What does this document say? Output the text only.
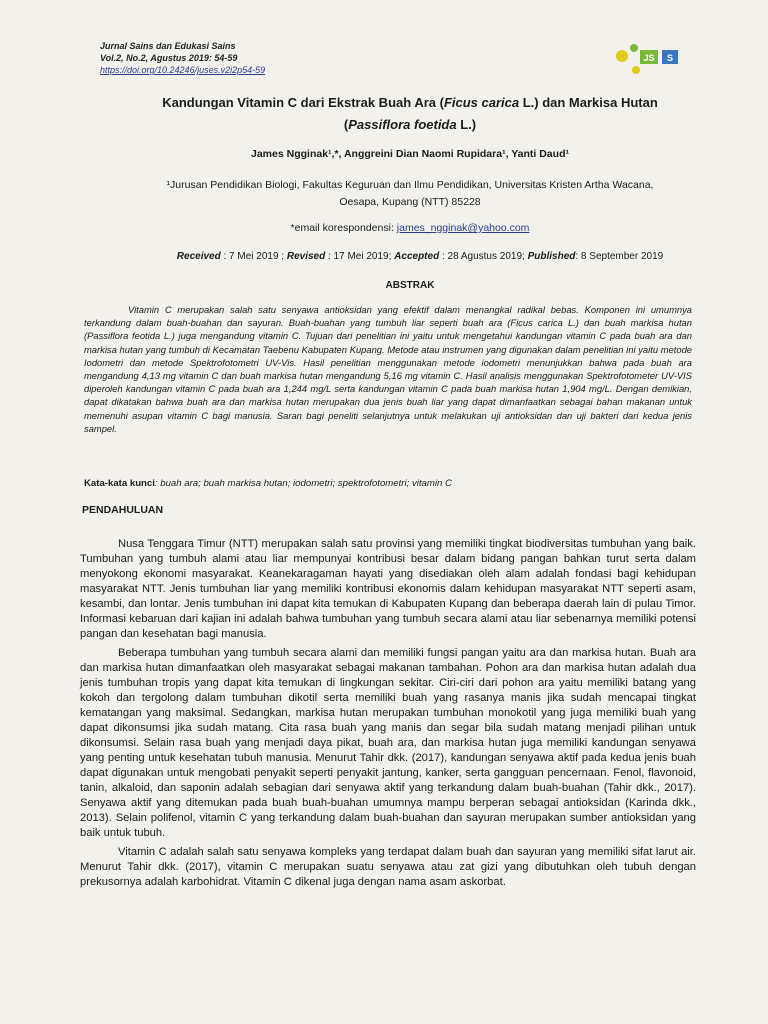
Jurnal Sains dan Edukasi Sains
Vol.2, No.2, Agustus 2019: 54-59
https://doi.org/10.24246/juses.v2i2p54-59
JS S
Kandungan Vitamin C dari Ekstrak Buah Ara (Ficus carica L.) dan Markisa Hutan
(Passiflora foetida L.)
James Ngginak¹,*, Anggreini Dian Naomi Rupidara¹, Yanti Daud¹
¹Jurusan Pendidikan Biologi, Fakultas Keguruan dan Ilmu Pendidikan, Universitas Kristen Artha Wacana,
Oesapa, Kupang (NTT) 85228
*email korespondensi: james_ngginak@yahoo.com
Received : 7 Mei 2019 ; Revised : 17 Mei 2019; Accepted : 28 Agustus 2019; Published: 8 September 2019
ABSTRAK
Vitamin C merupakan salah satu senyawa antioksidan yang efektif dalam menangkal radikal bebas. Komponen ini umumnya terkandung dalam buah-buahan dan sayuran. Buah-buahan yang tumbuh liar seperti buah ara (Ficus carica L.) dan buah markisa hutan (Passiflora feotida L.) juga mengandung vitamin C. Tujuan dari penelitian ini yaitu untuk mengetahui kandungan vitamin C pada buah ara dan markisa hutan yang tumbuh di Kecamatan Taebenu Kabupaten Kupang. Metode atau instrumen yang digunakan dalam penelitian ini yaitu metode Iodometri dan metode Spektrofotometri UV-Vis. Hasil penelitian menggunakan metode iodometri menunjukkan bahwa pada buah ara mengandung 4,13 mg vitamin C dan buah markisa hutan mengandung 5,16 mg vitamin C. Hasil analisis menggunakan Spektrofotometer UV-VIS diperoleh kandungan vitamin C pada buah ara 1,244 mg/L serta kandungan vitamin C pada buah markisa hutan 1,904 mg/L. Dengan demikian, dapat dikatakan bahwa buah ara dan markisa hutan merupakan dua jenis buah liar yang dapat dimanfaatkan sebagai bahan makanan untuk memenuhi asupan vitamin C bagi manusia. Saran bagi peneliti selanjutnya untuk melakukan uji antioksidan dan uji bakteri dari kedua jenis sampel.
Kata-kata kunci: buah ara; buah markisa hutan; iodometri; spektrofotometri; vitamin C
PENDAHULUAN

Nusa Tenggara Timur (NTT) merupakan salah satu provinsi yang memiliki tingkat biodiversitas tumbuhan yang baik. Tumbuhan yang tumbuh alami atau liar mempunyai kontribusi besar dalam bidang pangan bahkan turut serta dalam menyokong ekonomi masyarakat. Keanekaragaman hayati yang disediakan oleh alam adalah fondasi bagi kehidupan masyarakat NTT. Jenis tumbuhan liar yang memiliki kontribusi ekonomis dalam kehidupan masyarakat NTT seperti asam, kesambi, dan lontar. Jenis tumbuhan ini dapat kita temukan di Kabupaten Kupang dan beberapa daerah lain di pulau Timor. Informasi kebaruan dari kajian ini adalah bahwa tumbuhan yang tumbuh secara alami atau liar sebenarnya memiliki potensi pangan dan kesehatan bagi manusia.

Beberapa tumbuhan yang tumbuh secara alami dan memiliki fungsi pangan yaitu ara dan markisa hutan. Buah ara dan markisa hutan dimanfaatkan oleh masyarakat sebagai makanan tambahan. Pohon ara dan markisa hutan adalah dua jenis tumbuhan tropis yang dapat kita temukan di lingkungan sekitar. Ciri-ciri dari pohon ara yaitu memiliki batang yang kokoh dan tergolong dalam tumbuhan dikotil serta memiliki buah yang rasanya manis jika sudah mencapai tingkat kematangan yang maksimal. Sedangkan, markisa hutan merupakan tumbuhan monokotil yang juga memiliki buah yang dapat dikonsumsi jika sudah matang. Cita rasa buah yang manis dan segar bila sudah matang menjadi pilihan untuk dikonsumsi. Selain rasa buah yang menjadi daya pikat, buah ara, dan markisa hutan juga memiliki kandungan senyawa yang penting untuk kesehatan tubuh manusia. Menurut Tahir dkk. (2017), kandungan senyawa aktif pada kedua jenis buah dapat digunakan untuk mengobati penyakit seperti penyakit jantung, kanker, serta gangguan pencernaan. Fenol, flavonoid, tanin, alkaloid, dan saponin adalah sebagian dari senyawa aktif yang terkandung dalam buah-buahan (Tahir dkk., 2017). Senyawa aktif yang ditemukan pada buah buah-buahan umumnya mampu berperan sebagai antioksidan (Karinda dkk., 2013). Selain polifenol, vitamin C yang terkandung dalam buah-buahan dan sayuran merupakan sumber antioksidan yang baik untuk tubuh.

Vitamin C adalah salah satu senyawa kompleks yang terdapat dalam buah dan sayuran yang memiliki sifat larut air. Menurut Tahir dkk. (2017), vitamin C merupakan suatu senyawa atau zat gizi yang dibutuhkan oleh tubuh dengan prekusornya adalah karbohidrat. Vitamin C dikenal juga dengan nama asam askorbat.
